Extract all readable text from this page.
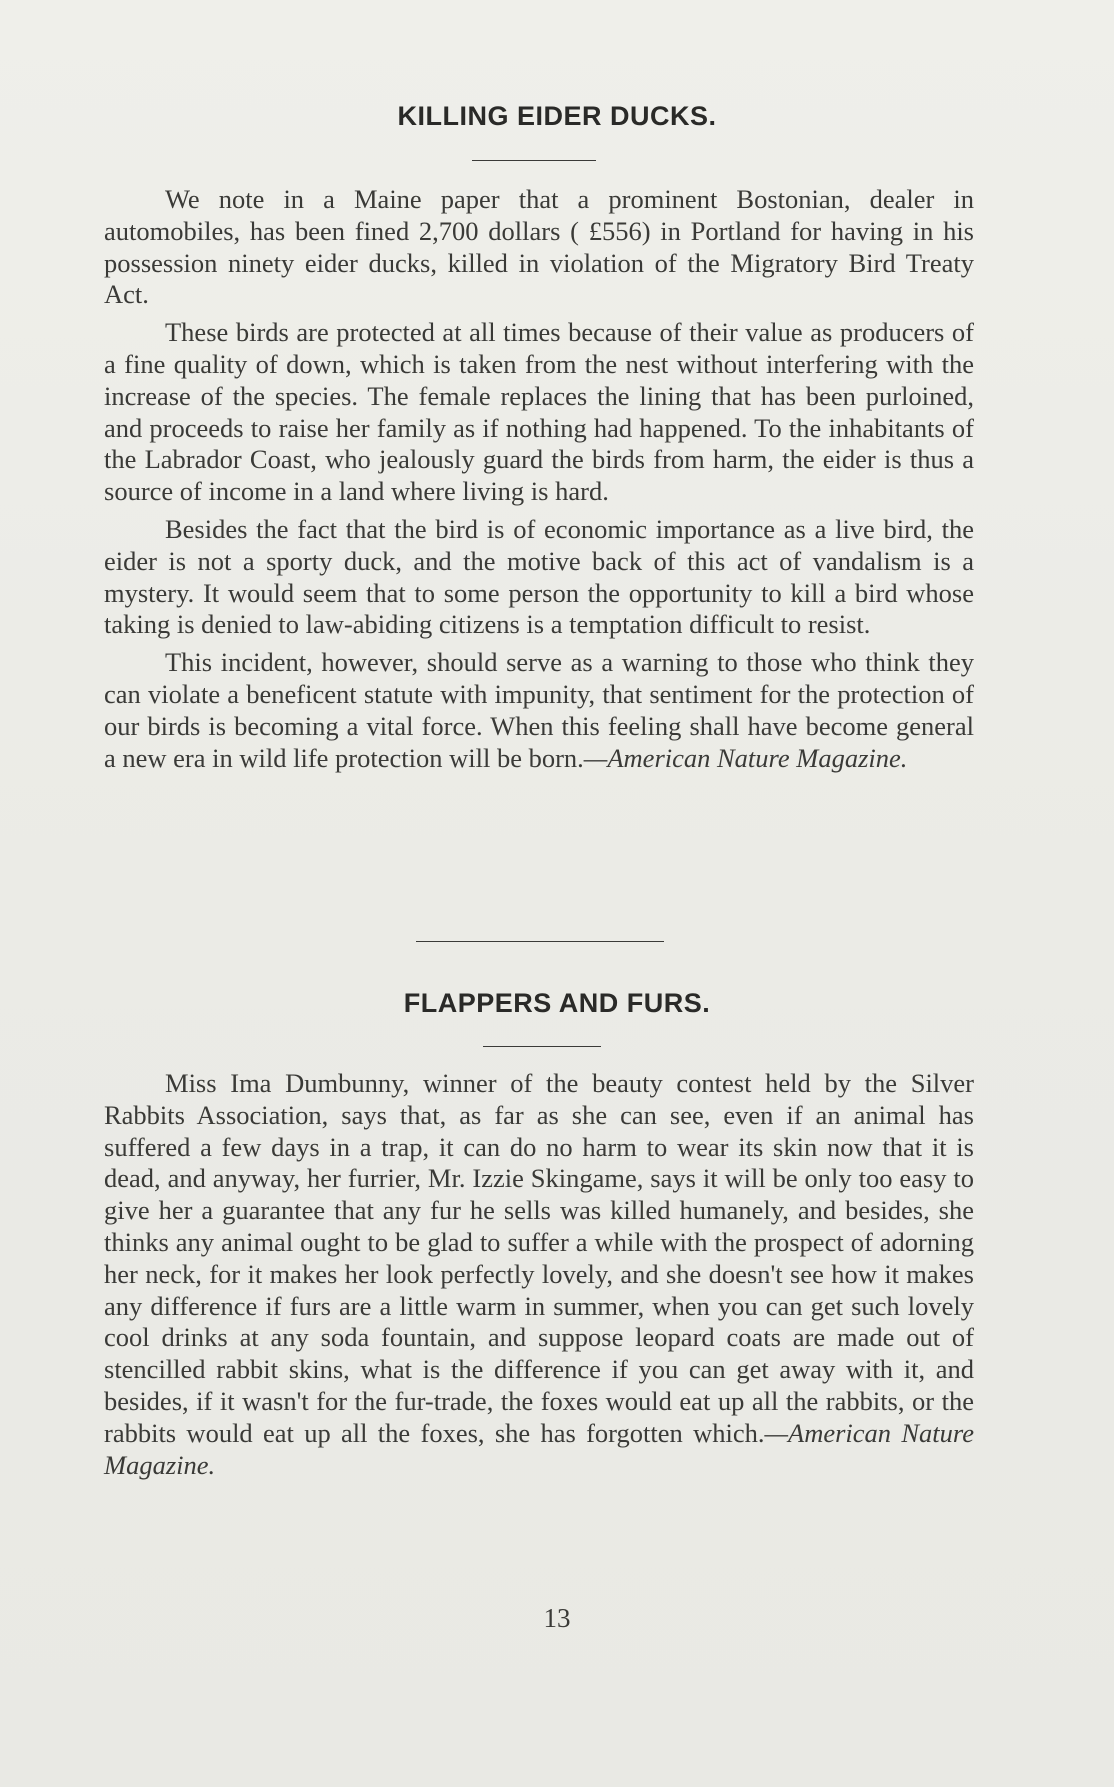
KILLING EIDER DUCKS.

We note in a Maine paper that a prominent Bostonian, dealer in automobiles, has been fined 2,700 dollars ( £556) in Portland for having in his possession ninety eider ducks, killed in violation of the Migratory Bird Treaty Act.

These birds are protected at all times because of their value as producers of a fine quality of down, which is taken from the nest without interfering with the increase of the species. The female replaces the lining that has been purloined, and proceeds to raise her family as if nothing had happened. To the inhabitants of the Labrador Coast, who jealously guard the birds from harm, the eider is thus a source of income in a land where living is hard.

Besides the fact that the bird is of economic importance as a live bird, the eider is not a sporty duck, and the motive back of this act of vandalism is a mystery. It would seem that to some person the opportunity to kill a bird whose taking is denied to law-abiding citizens is a temptation difficult to resist.

This incident, however, should serve as a warning to those who think they can violate a beneficent statute with impunity, that sentiment for the protection of our birds is becoming a vital force. When this feeling shall have become general a new era in wild life protection will be born.—American Nature Magazine.

FLAPPERS AND FURS.

Miss Ima Dumbunny, winner of the beauty contest held by the Silver Rabbits Association, says that, as far as she can see, even if an animal has suffered a few days in a trap, it can do no harm to wear its skin now that it is dead, and anyway, her furrier, Mr. Izzie Skingame, says it will be only too easy to give her a guarantee that any fur he sells was killed humanely, and besides, she thinks any animal ought to be glad to suffer a while with the prospect of adorning her neck, for it makes her look perfectly lovely, and she doesn't see how it makes any difference if furs are a little warm in summer, when you can get such lovely cool drinks at any soda fountain, and suppose leopard coats are made out of stencilled rabbit skins, what is the difference if you can get away with it, and besides, if it wasn't for the fur-trade, the foxes would eat up all the rabbits, or the rabbits would eat up all the foxes, she has forgotten which.—American Nature Magazine.

13
